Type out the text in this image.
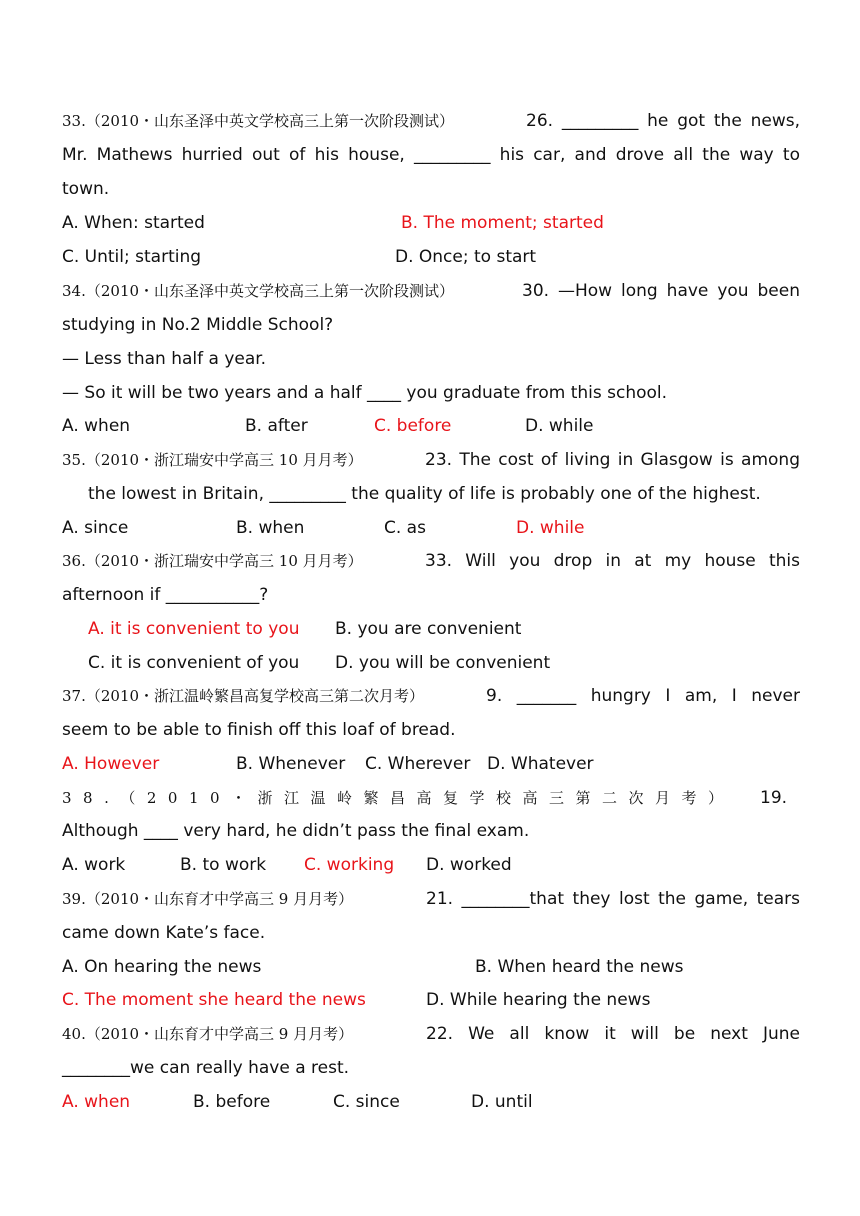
33.（2010・山东圣泽中英文学校高三上第一次阶段测试）	26. _________ he got the news,
Mr. Mathews hurried out of his house, _________ his car, and drove all the way to
town.
A. When: started	B. The moment; started
C. Until; starting	D. Once; to start
34.（2010・山东圣泽中英文学校高三上第一次阶段测试）	30. —How long have you been
studying in No.2 Middle School?
— Less than half a year.
— So it will be two years and a half ____ you graduate from this school.
A. when	B. after	C. before	D. while
35.（2010・浙江瑞安中学高三 10 月月考）	23. The cost of living in Glasgow is among
the lowest in Britain, _________ the quality of life is probably one of the highest.
A. since	B. when	C. as	D. while
36.（2010・浙江瑞安中学高三 10 月月考）	33. Will you drop in at my house this
afternoon if ___________?
A. it is convenient to you B. you are convenient
C. it is convenient of you D. you will be convenient
37.（2010・浙江温岭繁昌高复学校高三第二次月考）	9. _______ hungry I am, I never
seem to be able to finish off this loaf of bread.
A. However	B. Whenever C. Wherever D. Whatever
38.（2010・浙江温岭繁昌高复学校高三第二次月考）	19.
Although ____ very hard, he didn’t pass the final exam.
A. work	B. to work C. working D. worked
39.（2010・山东育才中学高三 9 月月考）	21. ________that they lost the game, tears
came down Kate’s face.
A. On hearing the news	B. When heard the news
C. The moment she heard the news	D. While hearing the news
40.（2010・山东育才中学高三 9 月月考）	22. We all know it will be next June
________we can really have a rest.
A. when	B. before	C. since	D. until
